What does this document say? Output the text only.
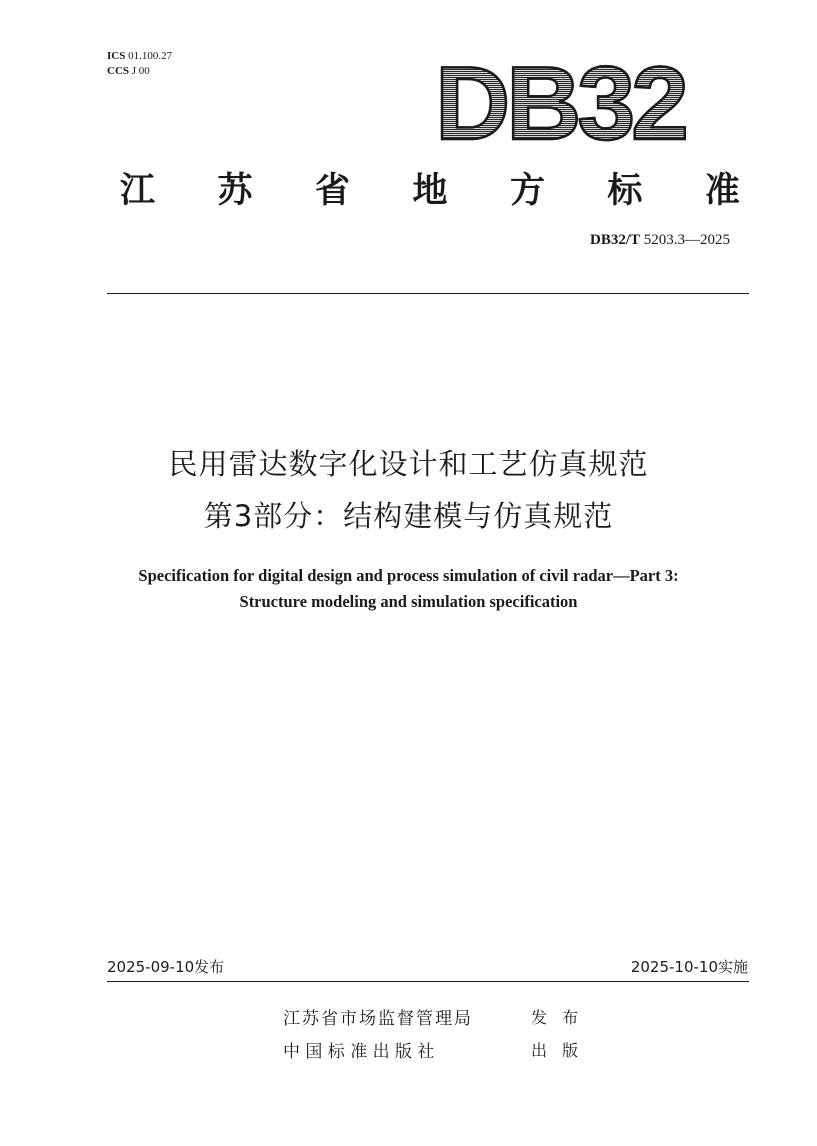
ICS 01.100.27
CCS J 00	DB32
江 苏 省 地 方 标 准
DB32/T 5203.3—2025
民用雷达数字化设计和工艺仿真规范
第3部分：结构建模与仿真规范
Specification for digital design and process simulation of civil radar—Part 3:
Structure modeling and simulation specification
2025-09-10发布	2025-10-10实施
江苏省市场监督管理局	发 布
中 国 标 准 出 版 社	出 版
